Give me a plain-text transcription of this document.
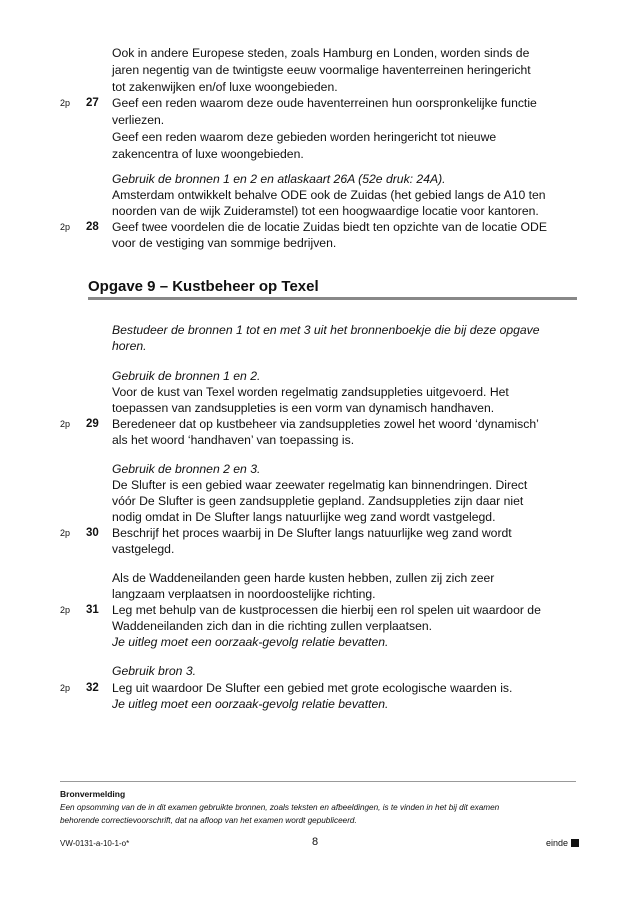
Ook in andere Europese steden, zoals Hamburg en Londen, worden sinds de
jaren negentig van de twintigste eeuw voormalige haventerreinen heringericht
tot zakenwijken en/of luxe woongebieden.
2p 27 Geef een reden waarom deze oude haventerreinen hun oorspronkelijke functie
verliezen.
Geef een reden waarom deze gebieden worden heringericht tot nieuwe
zakencentra of luxe woongebieden.
Gebruik de bronnen 1 en 2 en atlaskaart 26A (52e druk: 24A).
Amsterdam ontwikkelt behalve ODE ook de Zuidas (het gebied langs de A10 ten
noorden van de wijk Zuideramstel) tot een hoogwaardige locatie voor kantoren.
2p 28 Geef twee voordelen die de locatie Zuidas biedt ten opzichte van de locatie ODE
voor de vestiging van sommige bedrijven.
Opgave 9 – Kustbeheer op Texel
Bestudeer de bronnen 1 tot en met 3 uit het bronnenboekje die bij deze opgave
horen.
Gebruik de bronnen 1 en 2.
Voor de kust van Texel worden regelmatig zandsuppleties uitgevoerd. Het
toepassen van zandsuppleties is een vorm van dynamisch handhaven.
2p 29 Beredeneer dat op kustbeheer via zandsuppleties zowel het woord ‘dynamisch’
als het woord ‘handhaven’ van toepassing is.
Gebruik de bronnen 2 en 3.
De Slufter is een gebied waar zeewater regelmatig kan binnendringen. Direct
vóór De Slufter is geen zandsuppletie gepland. Zandsuppleties zijn daar niet
nodig omdat in De Slufter langs natuurlijke weg zand wordt vastgelegd.
2p 30 Beschrijf het proces waarbij in De Slufter langs natuurlijke weg zand wordt
vastgelegd.
Als de Waddeneilanden geen harde kusten hebben, zullen zij zich zeer
langzaam verplaatsen in noordoostelijke richting.
2p 31 Leg met behulp van de kustprocessen die hierbij een rol spelen uit waardoor de
Waddeneilanden zich dan in die richting zullen verplaatsen.
Je uitleg moet een oorzaak-gevolg relatie bevatten.
Gebruik bron 3.
2p 32 Leg uit waardoor De Slufter een gebied met grote ecologische waarden is.
Je uitleg moet een oorzaak-gevolg relatie bevatten.
Bronvermelding
Een opsomming van de in dit examen gebruikte bronnen, zoals teksten en afbeeldingen, is te vinden in het bij dit examen
behorende correctievoorschrift, dat na afloop van het examen wordt gepubliceerd.
VW-0131-a-10-1-o*	8	einde
